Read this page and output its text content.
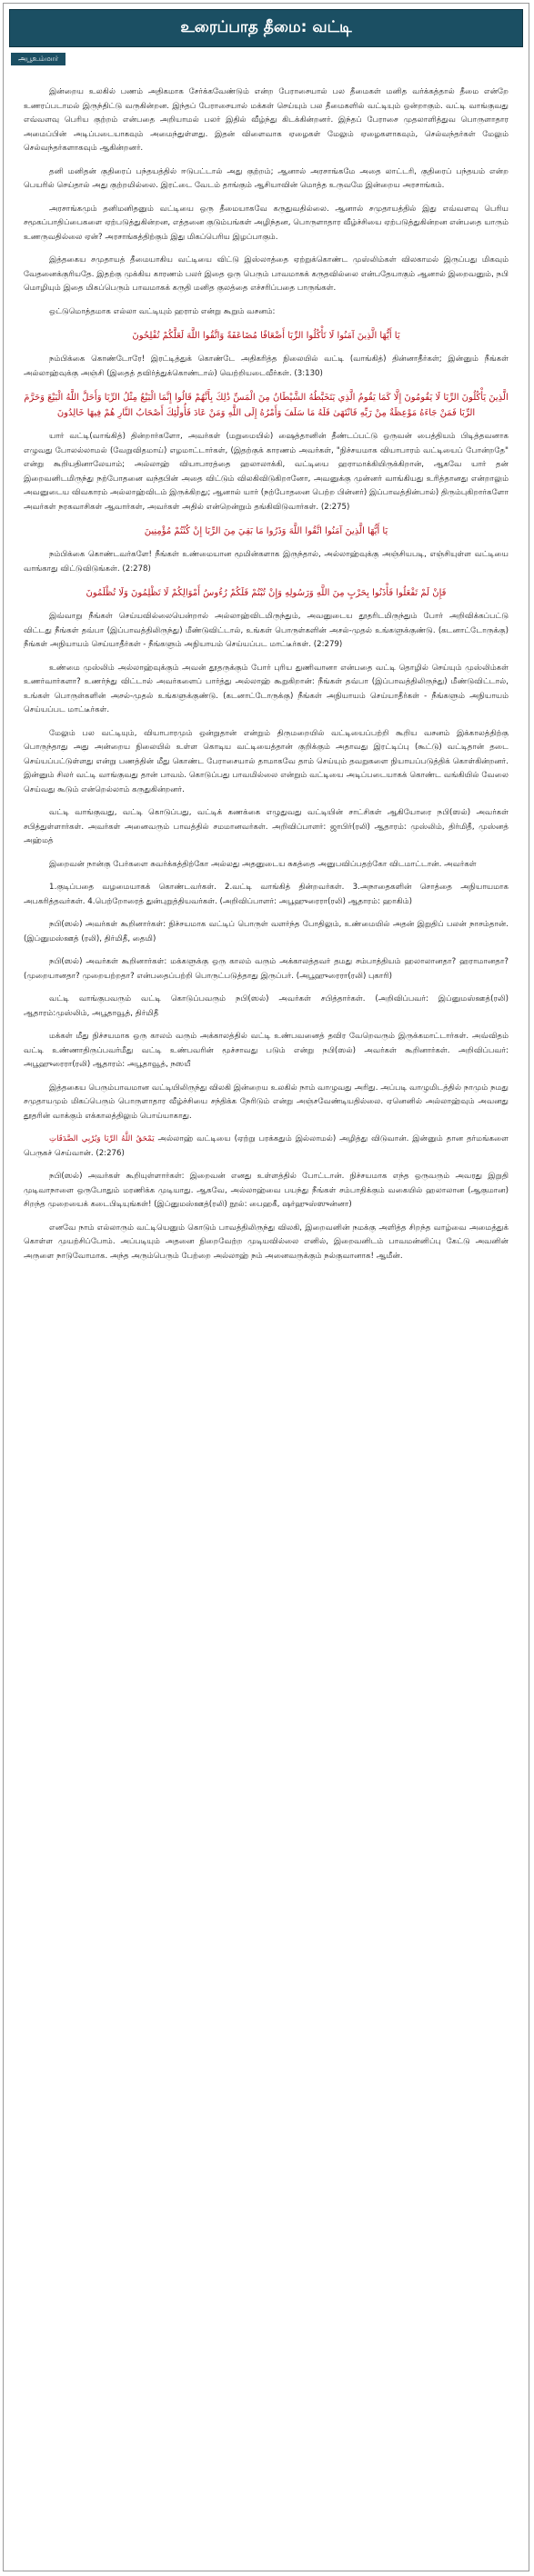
உரைப்பாத தீமை: வட்டி
அபூஉம்மார்

இன்றைய உலகில் பணம் அதிகமாக சேர்க்கவேண்டும் என்ற பேராசையால் பல தீமைகள் மனித வர்க்கத்தால் தீமை என்றே உணரப்படாமல் இருந்திட்டு வருகின்றன. இந்தப் பேராசையால் மக்கள் செய்யும் பல தீமைகளில் வட்டியும் ஒன்றாகும். வட்டி வாங்குவது எவ்வளவு பெரிய குற்றம் என்பதை அறியாமல் பலர் இதில் வீழ்ந்து கிடக்கின்றனர். இந்தப் பேராசை முதலாளித்துவ பொருளாதார அமைப்பின் அடிப்படையாகவும் அமைந்துள்ளது. இதன் விளைவாக ஏழைகள் மேலும் ஏழைகளாகவும், செல்வந்தர்கள் மேலும் செல்வந்தர்களாகவும் ஆகின்றனர்.

தனி மனிதன் குதிரைப் பந்தயத்தில் ஈடுபட்டால் அது குற்றம்; ஆனால் அரசாங்கமே அதை லாட்டரி, குதிரைப் பந்தயம் என்ற பெயரில் செய்தால் அது குற்றமில்லை. இரட்டை வேடம் தாங்கும் ஆசியாவின் மொத்த உருவமே இன்றைய அரசாங்கம்.

அரசாங்கமும் தனிமனிதனும் வட்டியை ஒரு தீமையாகவே கருதுவதில்லை. ஆனால் சமுதாயத்தில் இது எவ்வளவு பெரிய சமூகப்பாதிப்பைகளை ஏற்படுத்துகின்றன, எத்தனை குடும்பங்கள் அழிந்தன, பொருளாதார வீழ்ச்சியை ஏற்படுத்துகின்றன என்பதை யாரும் உணருவதில்லை ஏன்? அரசாங்கத்திற்கும் இது மிகப்பெரிய இழப்பாகும்.

இத்தகைய சமுதாயத் தீமையாகிய வட்டியை விட்டு இஸ்லாத்தை ஏற்றுக்கொண்ட முஸ்லிம்கள் விலகாமல் இருப்பது மிகவும் வேதனைக்குரியதே. இதற்கு முக்கிய காரணம் பலர் இதை ஒரு பெரும் பாவமாகக் கருதவில்லை என்பதேயாகும் ஆனால் இறைவனும், நபி மொழியும் இதை மிகப்பெரும் பாவமாகக் கருதி மனித குலத்தை எச்சரிப்பதை பாருங்கள்.

ஒட்டுமொத்தமாக எல்லா வட்டியும் ஹராம் என்று கூறும் வசனம்:

يَا أَيُّهَا الَّذِينَ آمَنُوا لَا تَأْكُلُوا الرِّبَا أَضْعَافًا مُضَاعَفَةً وَاتَّقُوا اللَّهَ لَعَلَّكُمْ تُفْلِحُونَ

நம்பிக்கை கொண்டோரே! இரட்டித்துக் கொண்டே அதிகரித்த நிலையில் வட்டி (வாங்கித்) தின்னாதீர்கள்; இன்னும் நீங்கள் அல்லாஹ்வுக்கு அஞ்சி (இதைத் தவிர்த்துக்கொண்டால்) வெற்றியடைவீர்கள். (3:130)

الَّذِينَ يَأْكُلُونَ الرِّبَا لَا يَقُومُونَ إِلَّا كَمَا يَقُومُ الَّذِي يَتَخَبَّطُهُ الشَّيْطَانُ مِنَ الْمَسِّ ذَٰلِكَ بِأَنَّهُمْ قَالُوا إِنَّمَا الْبَيْعُ مِثْلُ الرِّبَا وَأَحَلَّ اللَّهُ الْبَيْعَ وَحَرَّمَ الرِّبَا فَمَنْ جَاءَهُ مَوْعِظَةٌ مِنْ رَبِّهِ فَانْتَهَىٰ فَلَهُ مَا سَلَفَ وَأَمْرُهُ إِلَى اللَّهِ وَمَنْ عَادَ فَأُولَٰئِكَ أَصْحَابُ النَّارِ هُمْ فِيهَا خَالِدُونَ

யார் வட்டி(வாங்கித்) தின்றார்களோ, அவர்கள் (மறுமையில்) ஷைத்தானின் தீண்டப்பட்டு ஒருவன் பைத்தியம் பிடித்தவனாக எழுவது போலல்லாமல் (வேறுவிதமாய்) எழமாட்டார்கள், (இதற்குக் காரணம் அவர்கள், "நிச்சயமாக வியாபாரம் வட்டியைப் போன்றதே" என்று கூறியதினாலேயாம்; அல்லாஹ் வியாபாரத்தை ஹலாலாக்கி, வட்டியை ஹராமாக்கியிருக்கிறான், ஆகவே யார் தன் இறைவனிடமிருந்து நற்போதனை வந்தபின் அதை விட்டும் விலகிவிடுகிறானோ, அவனுக்கு முன்னர் வாங்கியது உரித்தானது என்றாலும் அவனுடைய விவகாரம் அல்லாஹ்விடம் இருக்கிறது; ஆனால் யார் (நற்போதனை பெற்ற பின்னர்) இப்பாவத்தின்பால்) திரும்புகிறார்களோ அவர்கள் நரகவாசிகள் ஆவார்கள், அவர்கள் அதில் என்றென்றும் தங்கிவிடுவார்கள். (2:275)

يَا أَيُّهَا الَّذِينَ آمَنُوا اتَّقُوا اللَّهَ وَذَرُوا مَا بَقِيَ مِنَ الرِّبَا إِنْ كُنْتُمْ مُؤْمِنِينَ

நம்பிக்கை கொண்டவர்களே! நீங்கள் உண்மையான மூமின்களாக இருந்தால், அல்லாஹ்வுக்கு அஞ்சியபடி, எஞ்சியுள்ள வட்டியை வாங்காது விட்டுவிடுங்கள். (2:278)

فَإِنْ لَمْ تَفْعَلُوا فَأْذَنُوا بِحَرْبٍ مِنَ اللَّهِ وَرَسُولِهِ وَإِنْ تُبْتُمْ فَلَكُمْ رُءُوسُ أَمْوَالِكُمْ لَا تَظْلِمُونَ وَلَا تُظْلَمُونَ

இவ்வாறு நீங்கள் செய்யவில்லையென்றால் அல்லாஹ்விடமிருந்தும், அவனுடைய தூதரிடமிருந்தும் போர் அறிவிக்கப்பட்டு விட்டது நீங்கள் தவ்பா (இப்பாவத்திலிருந்து) மீண்டுவிட்டால், உங்கள் பொருள்களின் அசல்-முதல் உங்களுக்குண்டு. (கடனாட்டோருக்கு) நீங்கள் அநியாயம் செய்யாதீர்கள் - நீங்களும் அநியாயம் செய்யப்பட மாட்டீர்கள். (2:279)

உண்மை முஸ்லிம் அல்லாஹ்வுக்கும் அவன் தூதருக்கும் போர் புரிய துணிவானா என்பதை வட்டி தொழில் செய்யும் முஸ்லிம்கள் உணர்வார்களா? உணர்ந்து விட்டால் அவர்களைப் பார்த்து அல்லாஹ் கூறுகிறான்: நீங்கள் தவ்பா (இப்பாவத்திலிருந்து) மீண்டுவிட்டால், உங்கள் பொருள்களின் அசல்-முதல் உங்களுக்குண்டு. (கடனாட்டோருக்கு) நீங்கள் அநியாயம் செய்யாதீர்கள் - நீங்களும் அநியாயம் செய்யப்பட மாட்டீர்கள்.

மேலும் பல வட்டியும், வியாபாரமும் ஒன்றுதான் என்றும் திருமறையில் வட்டியைப்பற்றி கூறிய வசனம் இக்காலத்திற்கு பொருந்தாது அது அன்றைய நிலையில் உள்ள கொடிய வட்டியைத்தான் குறிக்கும் அதாவது இரட்டிப்பு (கூட்டு) வட்டிதான் தடை செய்யப்பட்டுள்ளது என்று பணத்தின் மீது கொண்ட பேராசையால் தாமாகவே தாம் செய்யும் தவறுகளை நியாயப்படுத்திக் கொள்கின்றனர். இன்னும் சிலர் வட்டி வாங்குவது தான் பாவம். கொடுப்பது பாவமில்லை என்றும் வட்டியை அடிப்படையாகக் கொண்ட வங்கியில் வேலை செய்வது கூடும் என்றெல்லாம் கருதுகின்றனர்.

வட்டி வாங்குவது, வட்டி கொடுப்பது, வட்டிக் கணக்கை எழுதுவது வட்டியின் சாட்சிகள் ஆகியோரை நபி(ஸல்) அவர்கள் சபித்துள்ளார்கள். அவர்கள் அனைவரும் பாவத்தில் சமமானவர்கள். அறிவிப்பாளர்: ஜாபிர்(ரலி) ஆதாரம்: முஸ்லிம், திர்மிதீ, முஸ்னத் அஹ்மத்

இறைவன் நான்கு பேர்களை சுவர்க்கத்திற்கோ அல்லது அதனுடைய சுகத்தை அனுபவிப்பதற்கோ விடமாட்டான். அவர்கள்

1.குடிப்பதை வழமையாகக் கொண்டவர்கள். 2.வட்டி வாங்கித் தின்றவர்கள். 3.அநாதைகளின் சொத்தை அநியாயமாக அபகரித்தவர்கள். 4.பெற்றோரைத் துன்புறுத்தியவர்கள். (அறிவிப்பாளர்: அபூஹுரைரா(ரலி) ஆதாரம்: ஹாகிம்)

நபி(ஸல்) அவர்கள் கூறினார்கள்: நிச்சயமாக வட்டிப் பொருள் வளர்ந்த போதிலும், உண்மையில் அதன் இறுதிப் பலன் நாசம்தான். (இப்னுமஸ்ஊத் (ரலி), திர்மிதீ, தைமி)

நபி(ஸல்) அவர்கள் கூறினார்கள்: மக்களுக்கு ஒரு காலம் வரும் அக்காலத்தவர் தமது சம்பாத்தியம் ஹலாலானதா? ஹராமானதா? (முறையானதா? முறையற்றதா? என்பதைப்பற்றி பொருட்படுத்தாது இருப்பர். (அபூஹுரைரா(ரலி) புகாரி)

வட்டி வாங்குபவரும் வட்டி கொடுப்பவரும் நபி(ஸல்) அவர்கள் சபித்தார்கள். (அறிவிப்பவர்: இப்னுமஸ்ஊத்(ரலி) ஆதாரம்:முஸ்லிம், அபூதாவூத், திர்மிதீ

மக்கள் மீது நிச்சயமாக ஒரு காலம் வரும் அக்காலத்தில் வட்டி உண்பவனைத் தவிர வேறெவரும் இருக்கமாட்டார்கள். அவ்விதம் வட்டி உண்ணாதிருப்பவர்மீது வட்டி உண்பவரின் மூச்சாவது படும் என்று நபி(ஸல்) அவர்கள் கூறினார்கள். அறிவிப்பவர்: அபூஹுரைரா(ரலி) ஆதாரம்: அபூதாவூத், நஸயீ

இத்தகைய பெரும்பாவமான வட்டியிலிருந்து விலகி இன்றைய உலகில் நாம் வாழுவது அரிது. அப்படி வாழுமிடத்தில் நாமும் நமது சமுதாயமும் மிகப்பெரும் பொருளாதார வீழ்ச்சியை சந்திக்க நேரிடும் என்று அஞ்சவேண்டியதில்லை. ஏனெனில் அல்லாஹ்வும் அவனது தூதரின் வாக்கும் எக்காலத்திலும் பொய்யாகாது.

يَمْحَقُ اللَّهُ الرِّبَا وَيُرْبِي الصَّدَقَاتِ அல்லாஹ் வட்டியை (ஏற்று பரக்கதும் இல்லாமல்) அழித்து விடுவான். இன்னும் தான தர்மங்களை பெருகச் செய்வான். (2:276)

நபி(ஸல்) அவர்கள் கூறியுள்ளார்கள்: இறைவன் எனது உள்ளத்தில் போட்டான். நிச்சயமாக எந்த ஒருவரும் அவரது இறுதி முடிவாநாளை ஒருபோதும் மரணிக்க முடியாது. ஆகவே, அல்லாஹ்வை பயந்து நீங்கள் சம்பாதிக்கும் வகையில் ஹலாலான (ஆகுமான) சிறந்த முறையைக் கடைபிடியுங்கள்! (இப்னுமஸ்ஊத்(ரலி) நூல்: பைஹகீ, ஷர்ஹுஸ்ஸுன்னா)

எனவே நாம் எல்லாரும் வட்டியெனும் கொடும் பாவத்திலிருந்து விலகி, இறைவனின் நமக்கு அளித்த சிறந்த வாழ்வை அமைத்துக் கொள்ள முயற்சிப்போம். அப்படியும் அதனை நிறைவேற்ற முடியவில்லை எனில், இறைவனிடம் பாவமன்னிப்பு கேட்டு அவனின் அருளை நாடுவோமாக. அந்த அரும்பெரும் பேற்றை அல்லாஹ் நம் அனைவருக்கும் நல்குவானாக! ஆமீன்.
